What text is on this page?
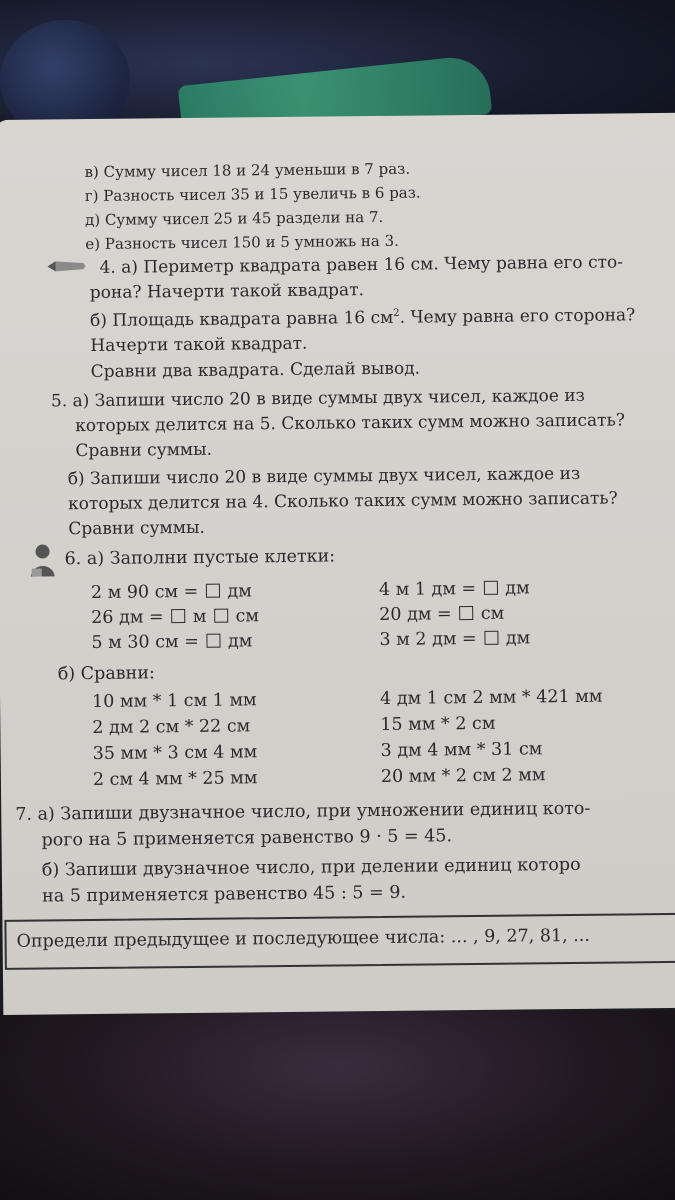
в) Сумму чисел 18 и 24 уменьши в 7 раз.
г) Разность чисел 35 и 15 увеличь в 6 раз.
д) Сумму чисел 25 и 45 раздели на 7.
е) Разность чисел 150 и 5 умножь на 3.
4. а) Периметр квадрата равен 16 см. Чему равна его сто-
рона? Начерти такой квадрат.
б) Площадь квадрата равна 16 $см^2$. Чему равна его сторона?
Начерти такой квадрат.
Сравни два квадрата. Сделай вывод.
5. а) Запиши число 20 в виде суммы двух чисел, каждое из
которых делится на 5. Сколько таких сумм можно записать?
Сравни суммы.
б) Запиши число 20 в виде суммы двух чисел, каждое из
которых делится на 4. Сколько таких сумм можно записать?
Сравни суммы.
6. а) Заполни пустые клетки:
2 м 90 см =  дм
26 дм =  м  см
5 м 30 см =  дм
4 м 1 дм =  дм
20 дм =  см
3 м 2 дм =  дм
б) Сравни:
10 мм * 1 см 1 мм
2 дм 2 см * 22 см
35 мм * 3 см 4 мм
2 см 4 мм * 25 мм
4 дм 1 см 2 мм * 421 мм
15 мм * 2 см
3 дм 4 мм * 31 см
20 мм * 2 см 2 мм
7. а) Запиши двузначное число, при умножении единиц кото-
рого на 5 применяется равенство 9 · 5 = 45.
б) Запиши двузначное число, при делении единиц которо
на 5 применяется равенство 45 : 5 = 9.
Определи предыдущее и последующее числа: ... , 9, 27, 81, ...
